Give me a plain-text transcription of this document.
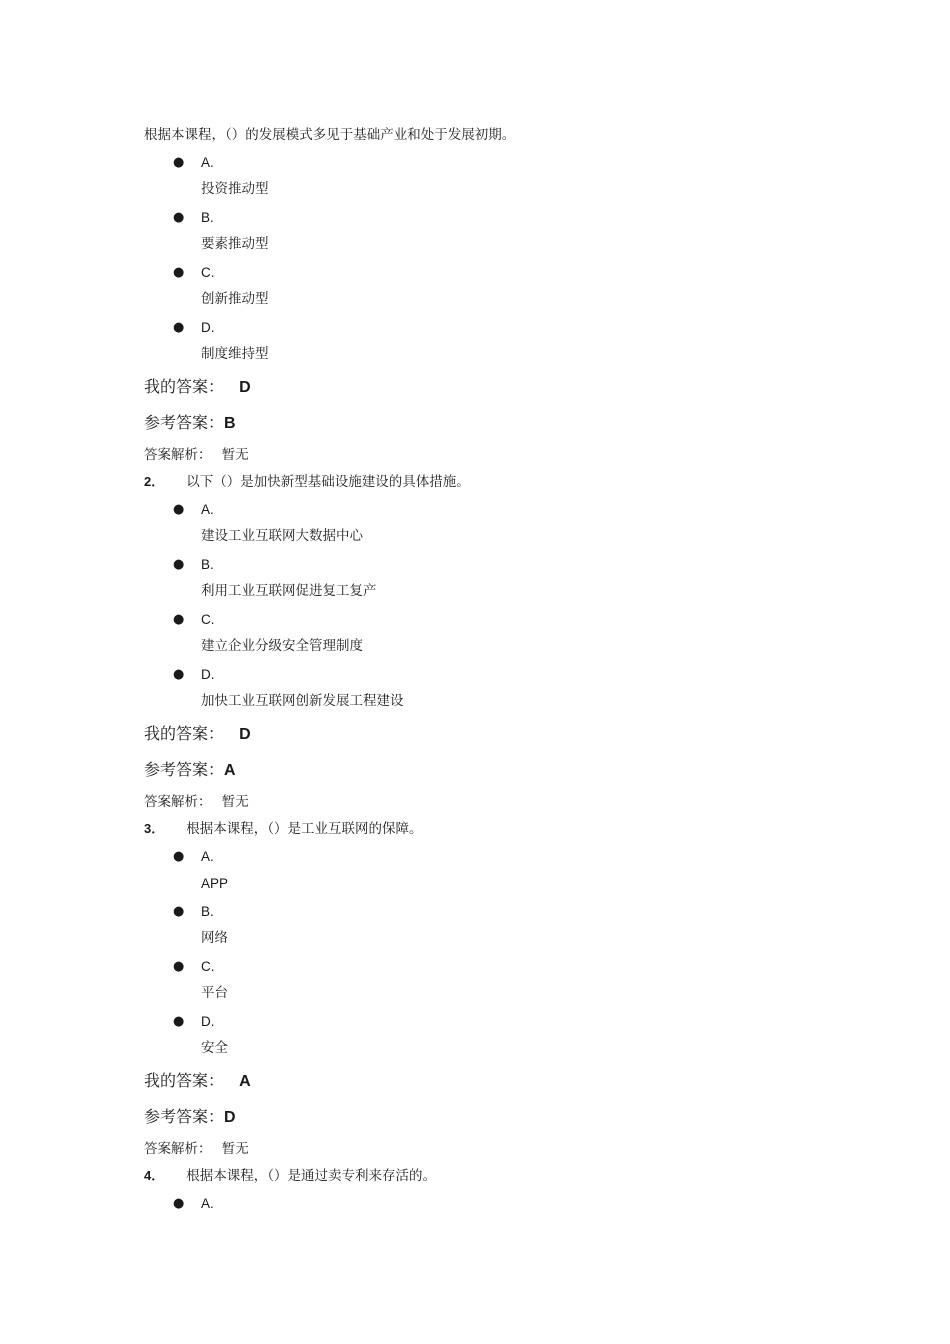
根据本课程，（）的发展模式多见于基础产业和处于发展初期。
● A.
投资推动型
● B.
要素推动型
● C.
创新推动型
● D.
制度维持型
我的答案： D
参考答案：B
答案解析： 暂无
2． 以下（）是加快新型基础设施建设的具体措施。
● A.
建设工业互联网大数据中心
● B.
利用工业互联网促进复工复产
● C.
建立企业分级安全管理制度
● D.
加快工业互联网创新发展工程建设
我的答案： D
参考答案：A
答案解析： 暂无
3． 根据本课程，（）是工业互联网的保障。
● A.
APP
● B.
网络
● C.
平台
● D.
安全
我的答案： A
参考答案：D
答案解析： 暂无
4． 根据本课程，（）是通过卖专利来存活的。
● A.
